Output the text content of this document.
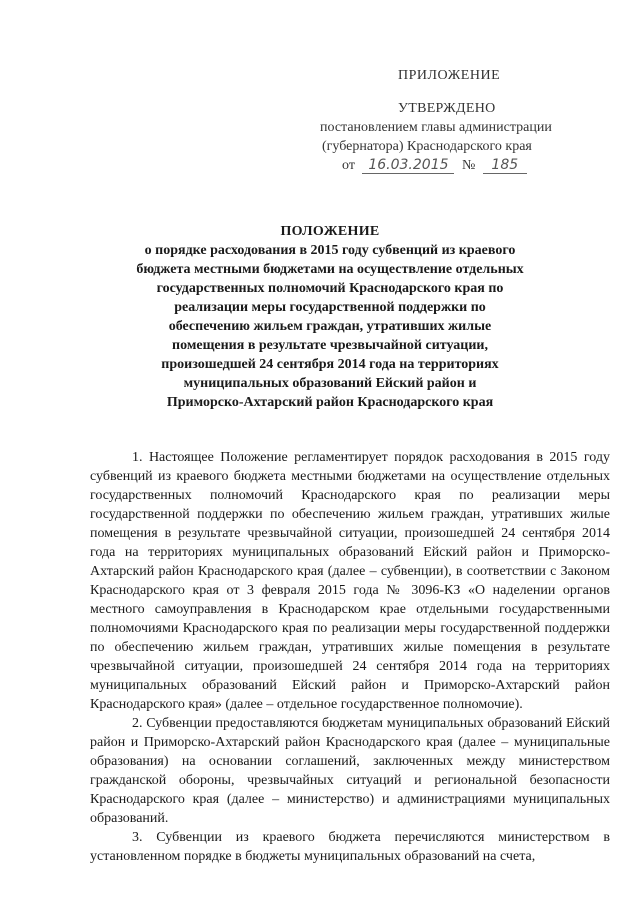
ПРИЛОЖЕНИЕ
УТВЕРЖДЕНО
постановлением главы администрации
(губернатора) Краснодарского края
от 16.03.2015 № 185
ПОЛОЖЕНИЕ
о порядке расходования в 2015 году субвенций из краевого
бюджета местными бюджетами на осуществление отдельных
государственных полномочий Краснодарского края по
реализации меры государственной поддержки по
обеспечению жильем граждан, утративших жилые
помещения в результате чрезвычайной ситуации,
произошедшей 24 сентября 2014 года на территориях
муниципальных образований Ейский район и
Приморско-Ахтарский район Краснодарского края

1. Настоящее Положение регламентирует порядок расходования в 2015 году субвенций из краевого бюджета местными бюджетами на осуществление отдельных государственных полномочий Краснодарского края по реализации меры государственной поддержки по обеспечению жильем граждан, утративших жилые помещения в результате чрезвычайной ситуации, произошедшей 24 сентября 2014 года на территориях муниципальных образований Ейский район и Приморско-Ахтарский район Краснодарского края (далее – субвенции), в соответствии с Законом Краснодарского края от 3 февраля 2015 года № 3096-КЗ «О наделении органов местного самоуправления в Краснодарском крае отдельными государственными полномочиями Краснодарского края по реализации меры государственной поддержки по обеспечению жильем граждан, утративших жилые помещения в результате чрезвычайной ситуации, произошедшей 24 сентября 2014 года на территориях муниципальных образований Ейский район и Приморско-Ахтарский район Краснодарского края» (далее – отдельное государственное полномочие).

2. Субвенции предоставляются бюджетам муниципальных образований Ейский район и Приморско-Ахтарский район Краснодарского края (далее – муниципальные образования) на основании соглашений, заключенных между министерством гражданской обороны, чрезвычайных ситуаций и региональной безопасности Краснодарского края (далее – министерство) и администрациями муниципальных образований.

3. Субвенции из краевого бюджета перечисляются министерством в установленном порядке в бюджеты муниципальных образований на счета,
